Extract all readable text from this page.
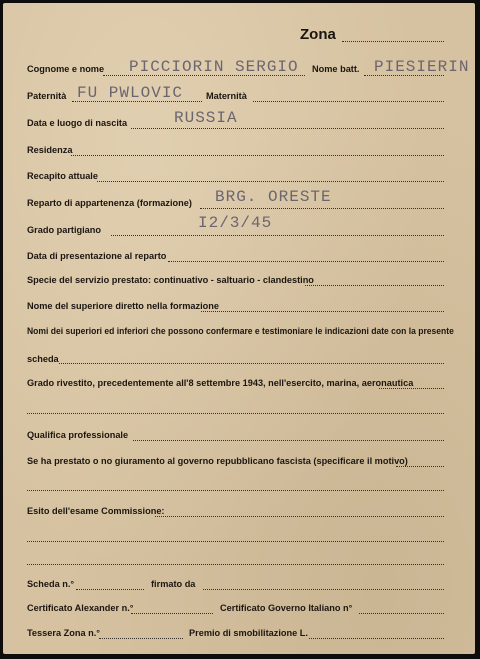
Zona
Cognome e nome PICCIORIN SERGIO Nome batt. PIESIERIN
Paternità FU PWLOVIC Maternità
Data e luogo di nascita	RUSSIA
Residenza
Recapito attuale
Reparto di appartenenza (formazione) BRG. ORESTE
Grado partigiano	I2/3/45
Data di presentazione al reparto
Specie del servizio prestato: continuativo - saltuario - clandestino
Nome del superiore diretto nella formazione
Nomi dei superiori ed inferiori che possono confermare e testimoniare le indicazioni date con la presente
scheda
Grado rivestito, precedentemente all'8 settembre 1943, nell'esercito, marina, aeronautica
Qualifica professionale
Se ha prestato o no giuramento al governo repubblicano fascista (specificare il motivo)
Esito dell'esame Commissione:
Scheda n.°	firmato da
Certificato Alexander n.°	Certificato Governo Italiano n°
Tessera Zona n.°	Premio di smobilitazione L.
